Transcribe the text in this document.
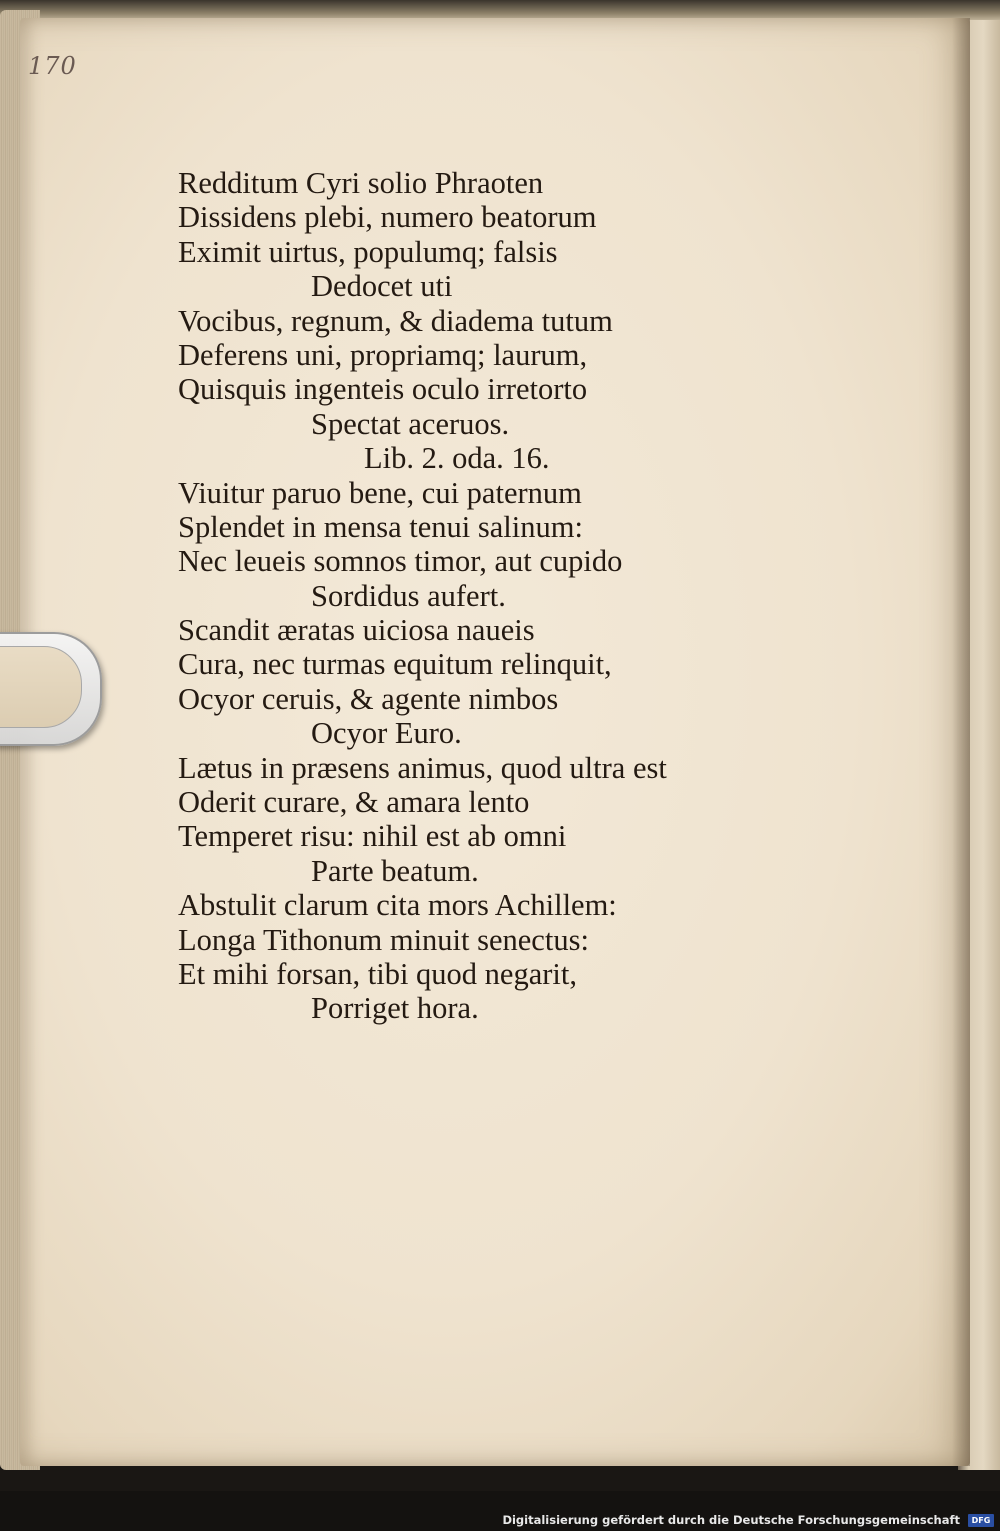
170
Redditum Cyri solio Phraoten
Dissidens plebi, numero beatorum
Eximit uirtus, populumq; falsis
Dedocet uti
Vocibus, regnum, & diadema tutum
Deferens uni, propriamq; laurum,
Quisquis ingenteis oculo irretorto
Spectat aceruos.
Lib. 2. oda. 16.
Viuitur paruo bene, cui paternum
Splendet in mensa tenui salinum:
Nec leueis somnos timor, aut cupido
Sordidus aufert.
Scandit æratas uiciosa naueis
Cura, nec turmas equitum relinquit,
Ocyor ceruis, & agente nimbos
Ocyor Euro.
Lætus in præsens animus, quod ultra est
Oderit curare, & amara lento
Temperet risu: nihil est ab omni
Parte beatum.
Abstulit clarum cita mors Achillem:
Longa Tithonum minuit senectus:
Et mihi forsan, tibi quod negarit,
Porriget hora.
Digitalisierung gefördert durch die Deutsche Forschungsgemeinschaft	DFG
